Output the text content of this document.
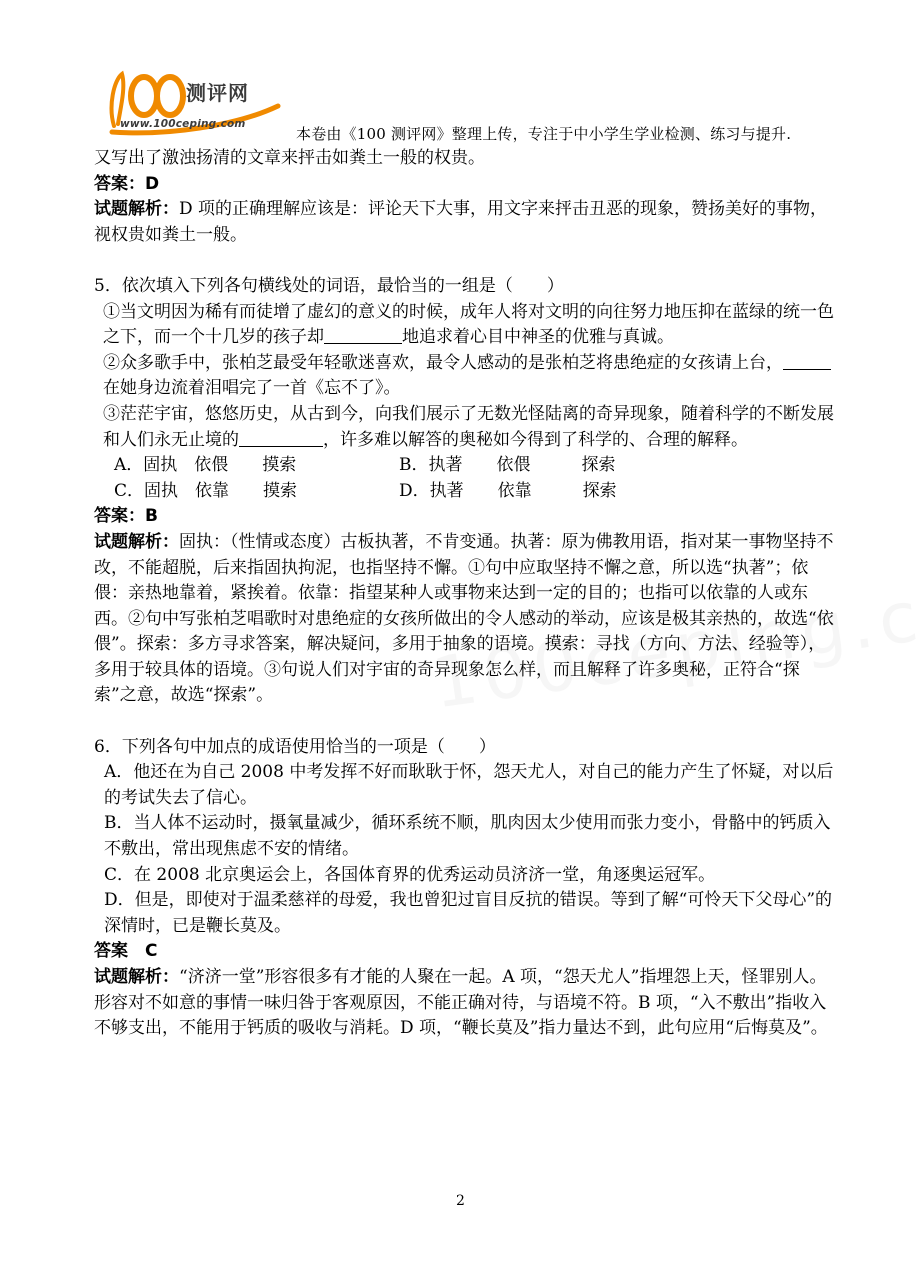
测评网
www.100ceping.com
本卷由《100 测评网》整理上传，专注于中小学生学业检测、练习与提升.

又写出了激浊扬清的文章来抨击如粪土一般的权贵。

答案：D

试题解析：D 项的正确理解应该是：评论天下大事，用文字来抨击丑恶的现象，赞扬美好的事物，视权贵如粪土一般。

5．依次填入下列各句横线处的词语，最恰当的一组是（　　）

①当文明因为稀有而徒增了虚幻的意义的时候，成年人将对文明的向往努力地压抑在蓝绿的统一色之下，而一个十几岁的孩子却	地追求着心目中神圣的优雅与真诚。

②众多歌手中，张柏芝最受年轻歌迷喜欢，最令人感动的是张柏芝将患绝症的女孩请上台，在她身边流着泪唱完了一首《忘不了》。

③茫茫宇宙，悠悠历史，从古到今，向我们展示了无数光怪陆离的奇异现象，随着科学的不断发展和人们永无止境的	，许多难以解答的奥秘如今得到了科学的、合理的解释。

A．固执　依偎　　摸索	B．执著　　依偎　　　探索

C．固执　依靠　　摸索	D．执著　　依靠　　　探索

答案：B

试题解析：固执：（性情或态度）古板执著，不肯变通。执著：原为佛教用语，指对某一事物坚持不改，不能超脱，后来指固执拘泥，也指坚持不懈。①句中应取坚持不懈之意，所以选“执著”；依偎：亲热地靠着，紧挨着。依靠：指望某种人或事物来达到一定的目的；也指可以依靠的人或东西。②句中写张柏芝唱歌时对患绝症的女孩所做出的令人感动的举动，应该是极其亲热的，故选“依偎”。探索：多方寻求答案，解决疑问，多用于抽象的语境。摸索：寻找（方向、方法、经验等），多用于较具体的语境。③句说人们对宇宙的奇异现象怎么样，而且解释了许多奥秘，正符合“探索”之意，故选“探索”。

6．下列各句中加点的成语使用恰当的一项是（　　）

A．他还在为自己 2008 中考发挥不好而耿耿于怀，怨天尤人，对自己的能力产生了怀疑，对以后的考试失去了信心。

B．当人体不运动时，摄氧量减少，循环系统不顺，肌肉因太少使用而张力变小，骨骼中的钙质入不敷出，常出现焦虑不安的情绪。

C．在 2008 北京奥运会上，各国体育界的优秀运动员济济一堂，角逐奥运冠军。

D．但是，即使对于温柔慈祥的母爱，我也曾犯过盲目反抗的错误。等到了解“可怜天下父母心”的深情时，已是鞭长莫及。

答案　C

试题解析：“济济一堂”形容很多有才能的人聚在一起。A 项，“怨天尤人”指埋怨上天，怪罪别人。形容对不如意的事情一味归咎于客观原因，不能正确对待，与语境不符。B 项，“入不敷出”指收入不够支出，不能用于钙质的吸收与消耗。D 项，“鞭长莫及”指力量达不到，此句应用“后悔莫及”。

2
